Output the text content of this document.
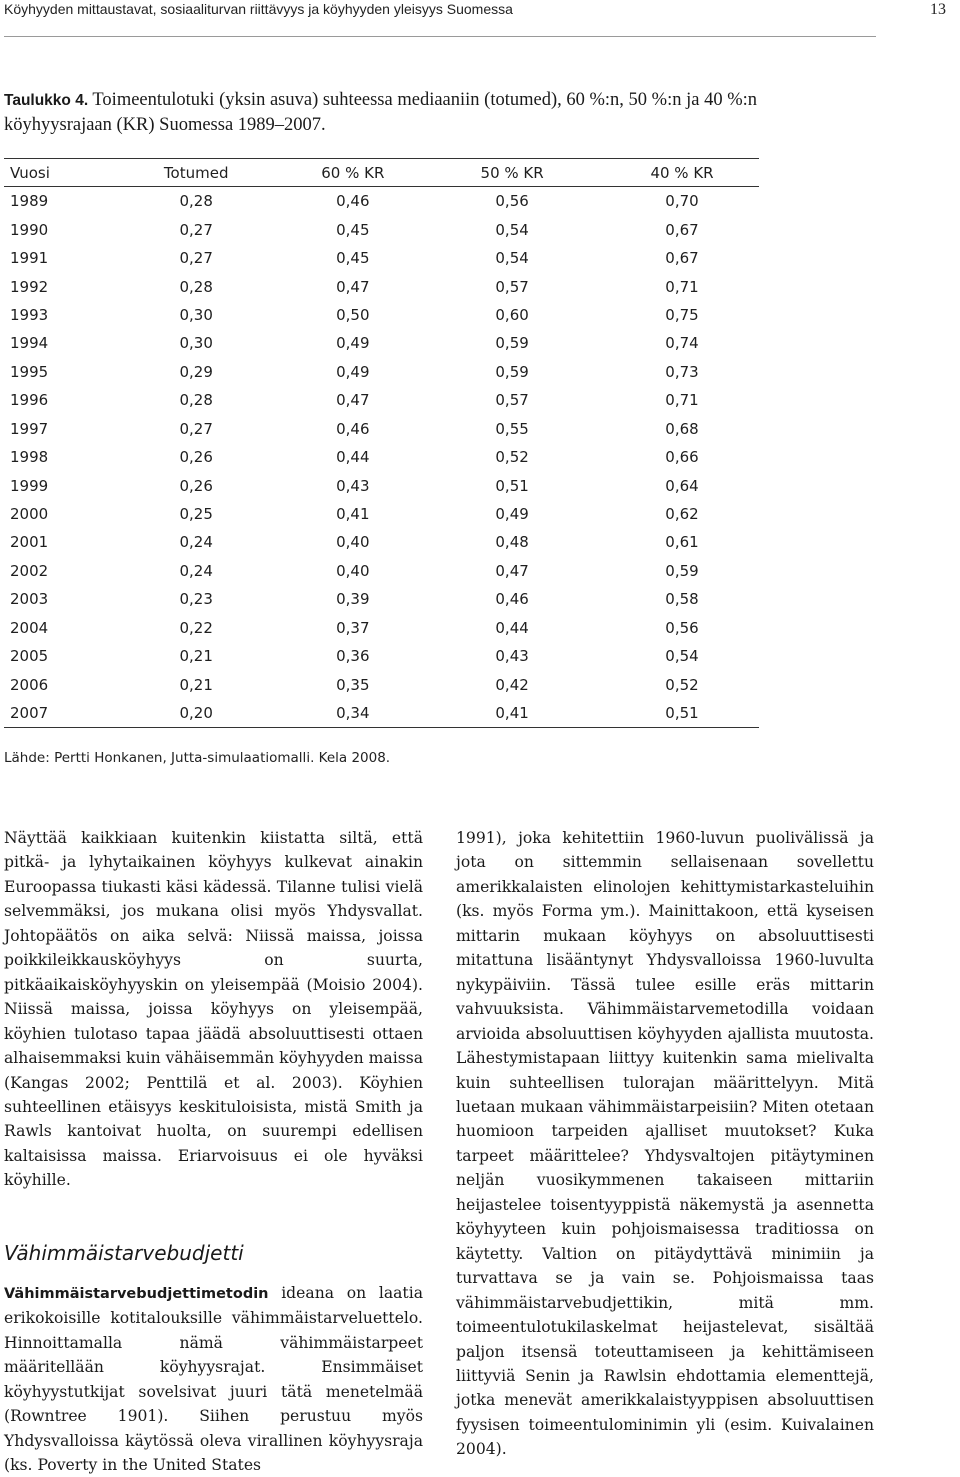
Köyhyyden mittaustavat, sosiaaliturvan riittävyys ja köyhyyden yleisyys Suomessa	13
Taulukko 4. Toimeentulotuki (yksin asuva) suhteessa mediaaniin (totumed), 60 %:n, 50 %:n ja 40 %:n köyhyysrajaan (KR) Suomessa 1989–2007.
Vuosi	Totumed	60 % KR	50 % KR	40 % KR
1989	0,28	0,46	0,56	0,70
1990	0,27	0,45	0,54	0,67
1991	0,27	0,45	0,54	0,67
1992	0,28	0,47	0,57	0,71
1993	0,30	0,50	0,60	0,75
1994	0,30	0,49	0,59	0,74
1995	0,29	0,49	0,59	0,73
1996	0,28	0,47	0,57	0,71
1997	0,27	0,46	0,55	0,68
1998	0,26	0,44	0,52	0,66
1999	0,26	0,43	0,51	0,64
2000	0,25	0,41	0,49	0,62
2001	0,24	0,40	0,48	0,61
2002	0,24	0,40	0,47	0,59
2003	0,23	0,39	0,46	0,58
2004	0,22	0,37	0,44	0,56
2005	0,21	0,36	0,43	0,54
2006	0,21	0,35	0,42	0,52
2007	0,20	0,34	0,41	0,51
Lähde: Pertti Honkanen, Jutta-simulaatiomalli. Kela 2008.

Näyttää kaikkiaan kuitenkin kiistatta siltä, että pitkä- ja lyhytaikainen köyhyys kulkevat ainakin Euroopassa tiukasti käsi kädessä. Tilanne tulisi vielä selvemmäksi, jos mukana olisi myös Yhdysvallat. Johtopäätös on aika selvä: Niissä maissa, joissa poikkileikkausköyhyys on suurta, pitkäaikaisköyhyyskin on yleisempää (Moisio 2004). Niissä maissa, joissa köyhyys on yleisempää, köyhien tulotaso tapaa jäädä absoluuttisesti ottaen alhaisemmaksi kuin vähäisemmän köyhyyden maissa (Kangas 2002; Penttilä et al. 2003). Köyhien suhteellinen etäisyys keskituloisista, mistä Smith ja Rawls kantoivat huolta, on suurempi edellisen kaltaisissa maissa. Eriarvoisuus ei ole hyväksi köyhille.

Vähimmäistarvebudjetti

Vähimmäistarvebudjettimetodin ideana on laatia erikokoisille kotitalouksille vähimmäistarveluettelo. Hinnoittamalla nämä vähimmäistarpeet määritellään köyhyysrajat. Ensimmäiset köyhyystutkijat sovelsivat juuri tätä menetelmää (Rowntree 1901). Siihen perustuu myös Yhdysvalloissa käytössä oleva virallinen köyhyysraja (ks. Poverty in the United States

1991), joka kehitettiin 1960-luvun puolivälissä ja jota on sittemmin sellaisenaan sovellettu amerikkalaisten elinolojen kehittymistarkasteluihin (ks. myös Forma ym.). Mainittakoon, että kyseisen mittarin mukaan köyhyys on absoluuttisesti mitattuna lisääntynyt Yhdysvalloissa 1960-luvulta nykypäiviin. Tässä tulee esille eräs mittarin vahvuuksista. Vähimmäistarvemetodilla voidaan arvioida absoluuttisen köyhyyden ajallista muutosta. Lähestymistapaan liittyy kuitenkin sama mielivalta kuin suhteellisen tulorajan määrittelyyn. Mitä luetaan mukaan vähimmäistarpeisiin? Miten otetaan huomioon tarpeiden ajalliset muutokset? Kuka tarpeet määrittelee? Yhdysvaltojen pitäytyminen neljän vuosikymmenen takaiseen mittariin heijastelee toisentyyppistä näkemystä ja asennetta köyhyyteen kuin pohjoismaisessa traditiossa on käytetty. Valtion on pitäydyttävä minimiin ja turvattava se ja vain se. Pohjoismaissa taas vähimmäistarvebudjettikin, mitä mm. toimeentulotukilaskelmat heijastelevat, sisältää paljon itsensä toteuttamiseen ja kehittämiseen liittyviä Senin ja Rawlsin ehdottamia elementtejä, jotka menevät amerikkalaistyyppisen absoluuttisen fyysisen toimeentulominimin yli (esim. Kuivalainen 2004).
